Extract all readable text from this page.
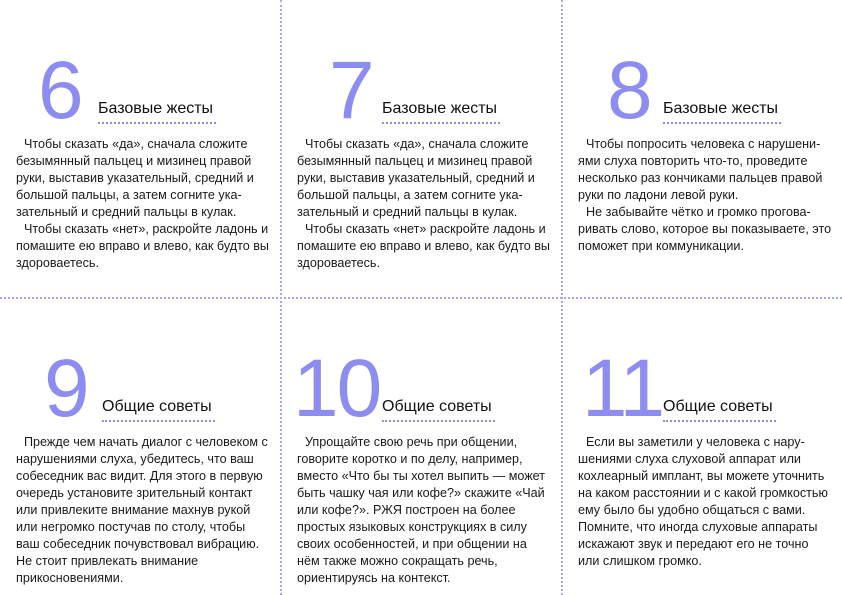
6 Базовые жесты

Чтобы сказать «да», сначала сложите безымянный пальцец и мизинец правой руки, выставив указательный, средний и большой пальцы, а затем согните указательный и средний пальцы в кулак.

Чтобы сказать «нет», раскройте ладонь и помашите ею вправо и влево, как будто вы здороваетесь.

7 Базовые жесты

Чтобы сказать «да», сначала сложите безымянный пальцец и мизинец правой руки, выставив указательный, средний и большой пальцы, а затем согните указательный и средний пальцы в кулак.

Чтобы сказать «нет» раскройте ладонь и помашите ею вправо и влево, как будто вы здороваетесь.

8 Базовые жесты

Чтобы попросить человека с нарушениями слуха повторить что-то, проведите несколько раз кончиками пальцев правой руки по ладони левой руки.

Не забывайте чётко и громко проговаривать слово, которое вы показываете, это поможет при коммуникации.

9 Общие советы

Прежде чем начать диалог с человеком с нарушениями слуха, убедитесь, что ваш собеседник вас видит. Для этого в первую очередь установите зрительный контакт или привлеките внимание махнув рукой или негромко постучав по столу, чтобы ваш собеседник почувствовал вибрацию. Не стоит привлекать внимание прикосновениями.

10 Общие советы

Упрощайте свою речь при общении, говорите коротко и по делу, например, вместо «Что бы ты хотел выпить — может быть чашку чая или кофе?» скажите «Чай или кофе?». РЖЯ построен на более простых языковых конструкциях в силу своих особенностей, и при общении на нём также можно сокращать речь, ориентируясь на контекст.

11 Общие советы

Если вы заметили у человека с нарушениями слуха слуховой аппарат или кохлеарный имплант, вы можете уточнить на каком расстоянии и с какой громкостью ему было бы удобно общаться с вами. Помните, что иногда слуховые аппараты искажают звук и передают его не точно или слишком громко.
